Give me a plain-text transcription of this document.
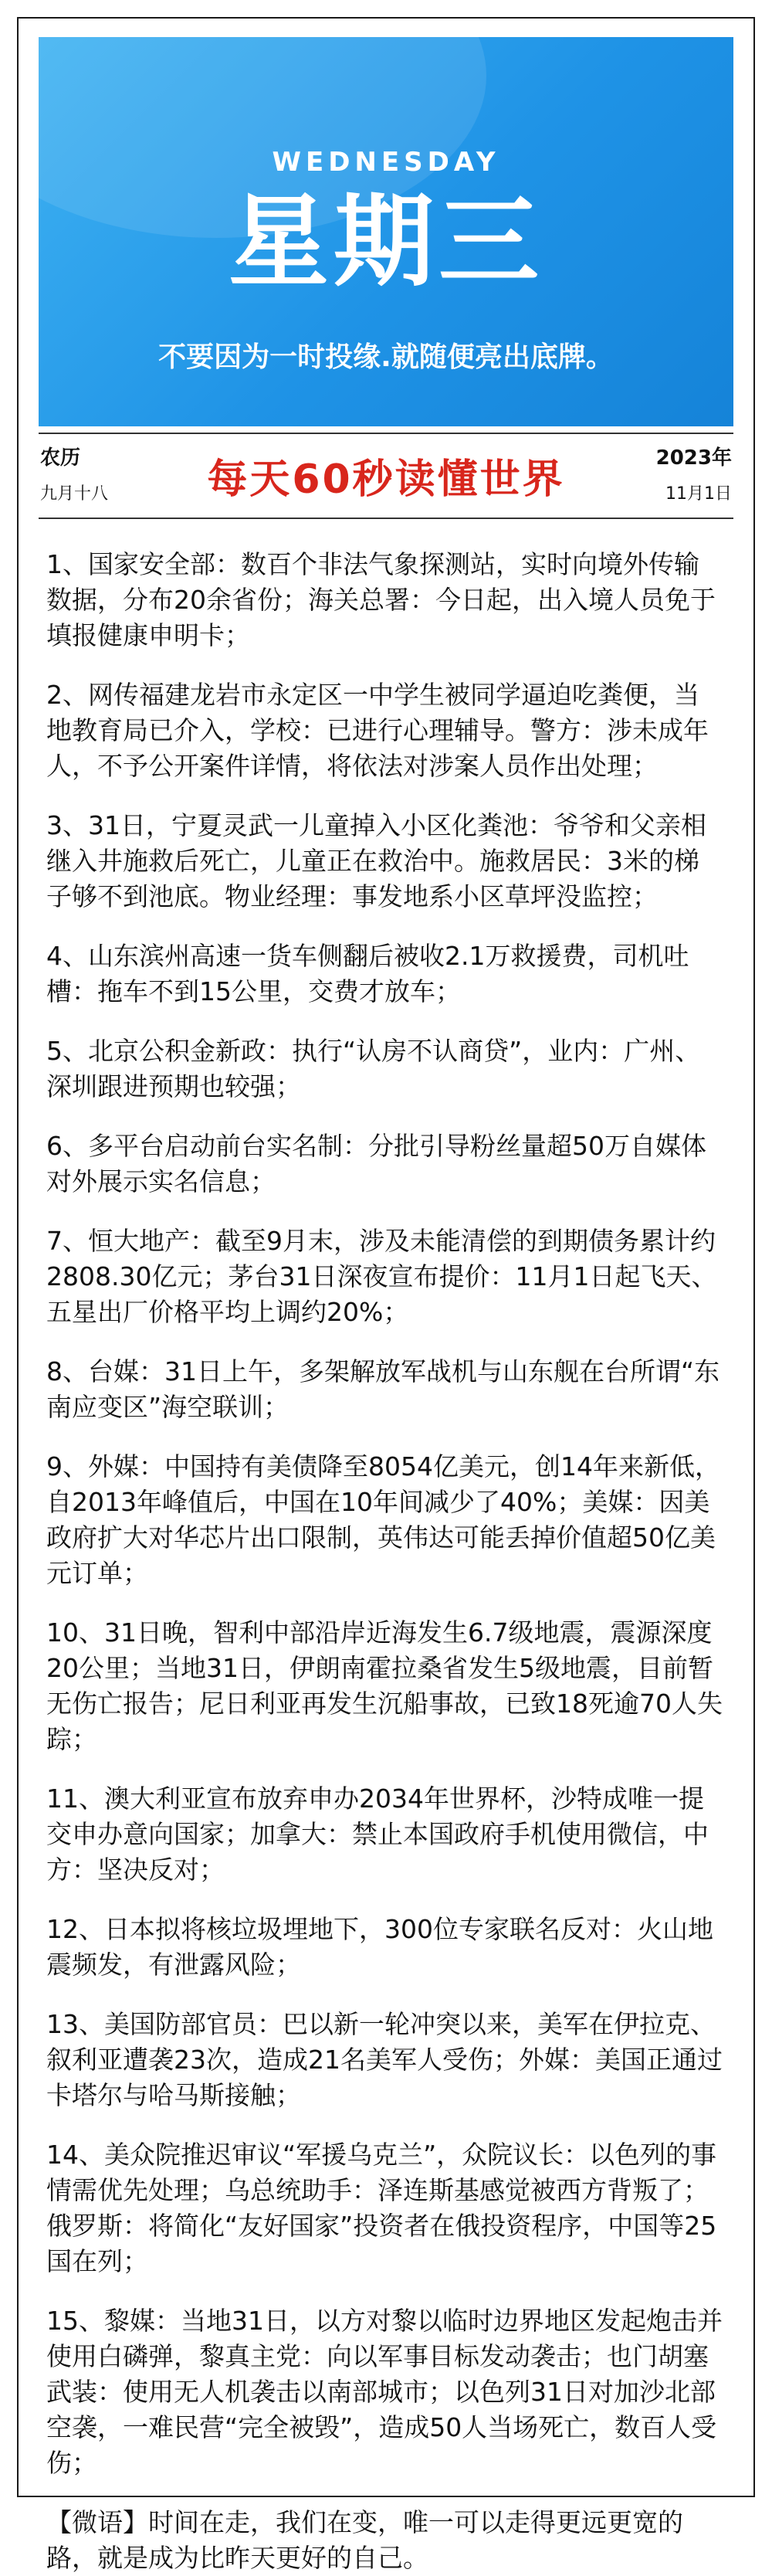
WEDNESDAY
星期三
不要因为一时投缘.就随便亮出底牌。
农历
九月十八	每天60秒读懂世界	2023年
11月1日
1、国家安全部：数百个非法气象探测站，实时向境外传输数据，分布20余省份；海关总署：今日起，出入境人员免于填报健康申明卡；
2、网传福建龙岩市永定区一中学生被同学逼迫吃粪便，当地教育局已介入，学校：已进行心理辅导。警方：涉未成年人，不予公开案件详情，将依法对涉案人员作出处理；
3、31日，宁夏灵武一儿童掉入小区化粪池：爷爷和父亲相继入井施救后死亡，儿童正在救治中。施救居民：3米的梯子够不到池底。物业经理：事发地系小区草坪没监控；
4、山东滨州高速一货车侧翻后被收2.1万救援费，司机吐槽：拖车不到15公里，交费才放车；
5、北京公积金新政：执行“认房不认商贷”，业内：广州、深圳跟进预期也较强；
6、多平台启动前台实名制：分批引导粉丝量超50万自媒体对外展示实名信息；
7、恒大地产：截至9月末，涉及未能清偿的到期债务累计约2808.30亿元；茅台31日深夜宣布提价：11月1日起飞天、五星出厂价格平均上调约20%；
8、台媒：31日上午，多架解放军战机与山东舰在台所谓“东南应变区”海空联训；
9、外媒：中国持有美债降至8054亿美元，创14年来新低，自2013年峰值后，中国在10年间减少了40%；美媒：因美政府扩大对华芯片出口限制，英伟达可能丢掉价值超50亿美元订单；
10、31日晚，智利中部沿岸近海发生6.7级地震，震源深度20公里；当地31日，伊朗南霍拉桑省发生5级地震，目前暂无伤亡报告；尼日利亚再发生沉船事故，已致18死逾70人失踪；
11、澳大利亚宣布放弃申办2034年世界杯，沙特成唯一提交申办意向国家；加拿大：禁止本国政府手机使用微信，中方：坚决反对；
12、日本拟将核垃圾埋地下，300位专家联名反对：火山地震频发，有泄露风险；
13、美国防部官员：巴以新一轮冲突以来，美军在伊拉克、叙利亚遭袭23次，造成21名美军人受伤；外媒：美国正通过卡塔尔与哈马斯接触；
14、美众院推迟审议“军援乌克兰”，众院议长：以色列的事情需优先处理；乌总统助手：泽连斯基感觉被西方背叛了；俄罗斯：将简化“友好国家”投资者在俄投资程序，中国等25国在列；
15、黎媒：当地31日，以方对黎以临时边界地区发起炮击并使用白磷弹，黎真主党：向以军事目标发动袭击；也门胡塞武装：使用无人机袭击以南部城市；以色列31日对加沙北部空袭，一难民营“完全被毁”，造成50人当场死亡，数百人受伤；
【微语】时间在走，我们在变，唯一可以走得更远更宽的路，就是成为比昨天更好的自己。
